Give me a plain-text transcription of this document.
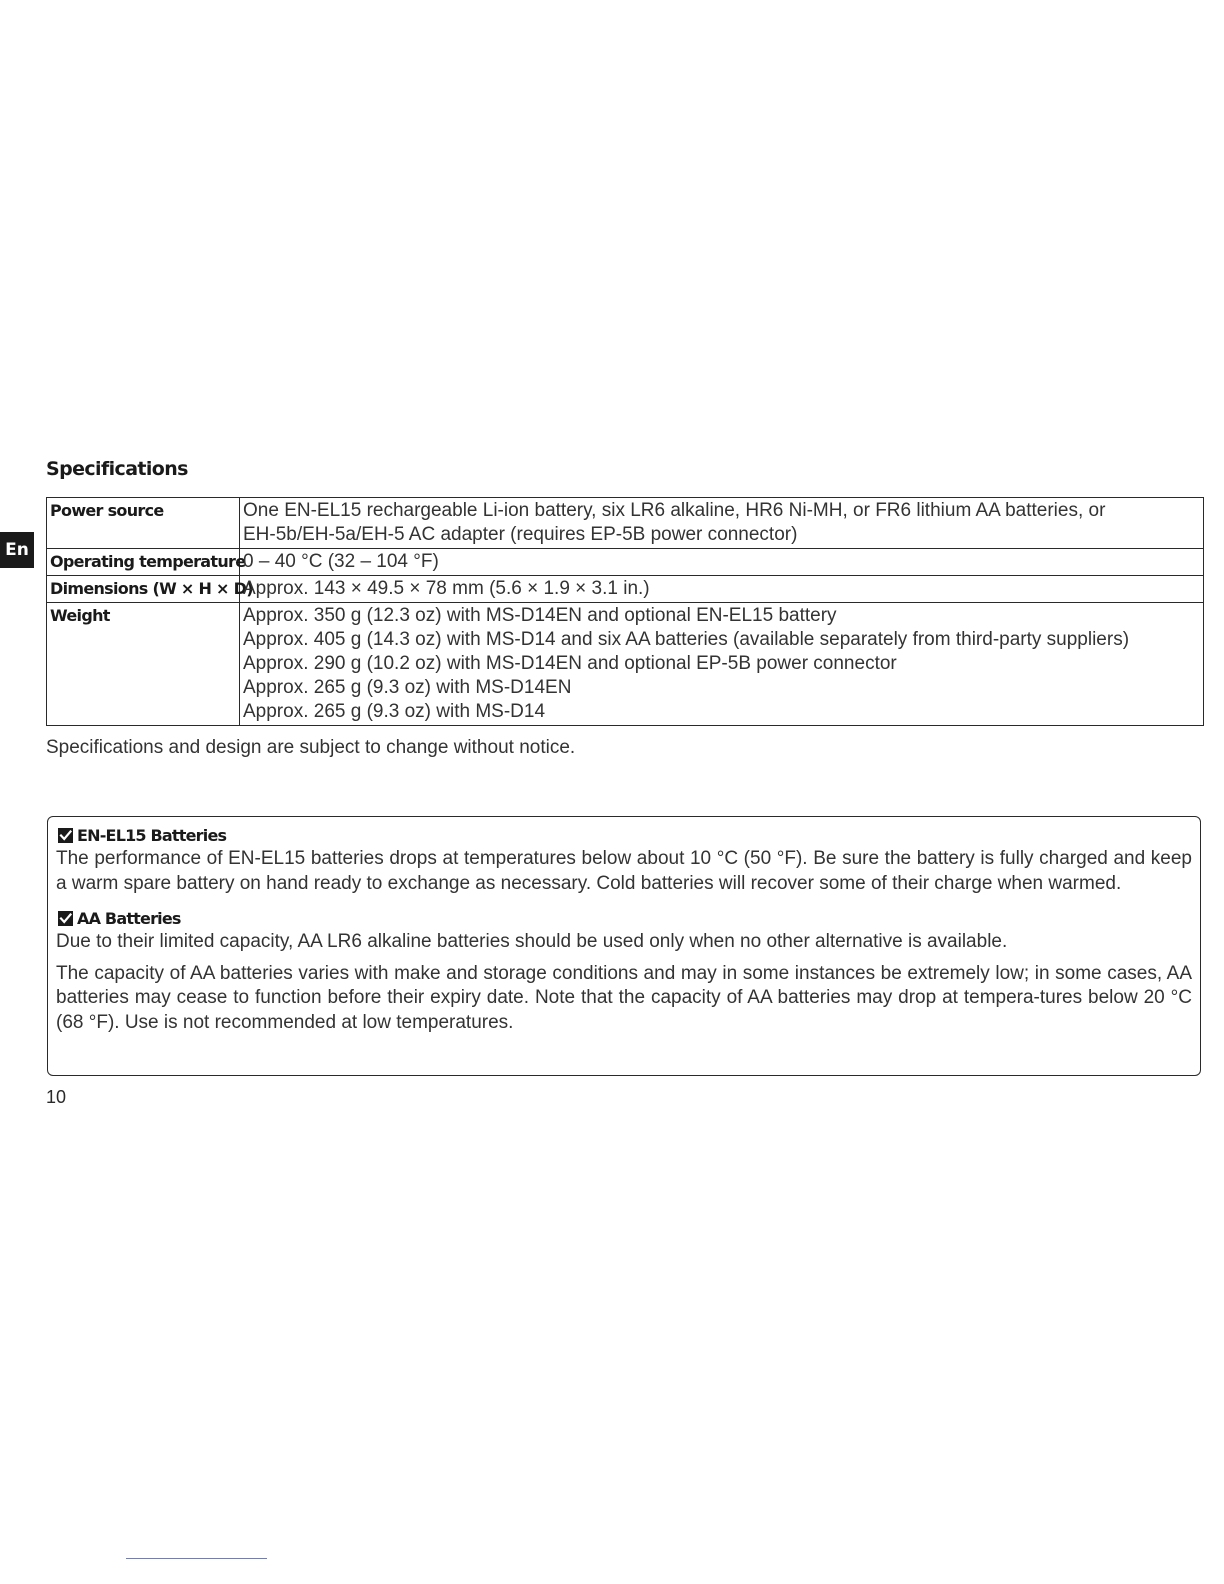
En
Specifications
Power source	One EN-EL15 rechargeable Li-ion battery, six LR6 alkaline, HR6 Ni-MH, or FR6 lithium AA batteries, or
EH-5b/EH-5a/EH-5 AC adapter (requires EP-5B power connector)

Operating temperature	0 – 40 °C (32 – 104 °F)

Dimensions (W × H × D)	Approx. 143 × 49.5 × 78 mm (5.6 × 1.9 × 3.1 in.)

Weight	Approx. 350 g (12.3 oz) with MS-D14EN and optional EN-EL15 battery
Approx. 405 g (14.3 oz) with MS-D14 and six AA batteries (available separately from third-party suppliers)
Approx. 290 g (10.2 oz) with MS-D14EN and optional EP-5B power connector
Approx. 265 g (9.3 oz) with MS-D14EN
Approx. 265 g (9.3 oz) with MS-D14

Specifications and design are subject to change without notice.

EN-EL15 Batteries

The performance of EN-EL15 batteries drops at temperatures below about 10 °C (50 °F). Be sure the battery is fully charged and keep a warm spare battery on hand ready to exchange as necessary. Cold batteries will recover some of their charge when warmed.

AA Batteries

Due to their limited capacity, AA LR6 alkaline batteries should be used only when no other alternative is available.

The capacity of AA batteries varies with make and storage conditions and may in some instances be extremely low; in some cases, AA batteries may cease to function before their expiry date. Note that the capacity of AA batteries may drop at tempera-tures below 20 °C (68 °F). Use is not recommended at low temperatures.

10
